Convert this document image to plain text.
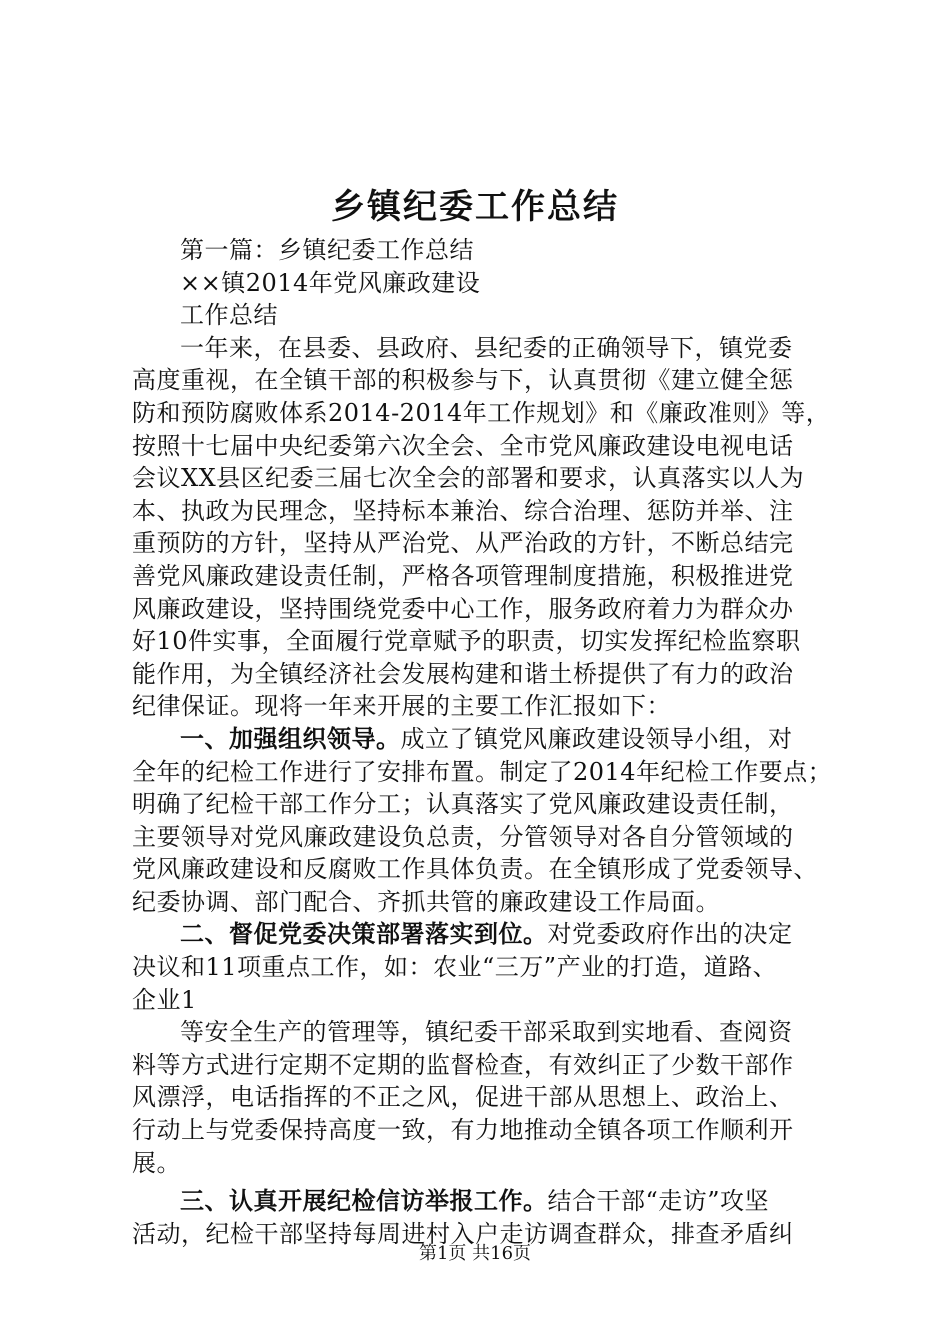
乡镇纪委工作总结
第一篇：乡镇纪委工作总结
××镇2014年党风廉政建设
工作总结
一年来，在县委、县政府、县纪委的正确领导下，镇党委
高度重视，在全镇干部的积极参与下，认真贯彻《建立健全惩
防和预防腐败体系2014-2014年工作规划》和《廉政准则》等，
按照十七届中央纪委第六次全会、全市党风廉政建设电视电话
会议XX县区纪委三届七次全会的部署和要求，认真落实以人为
本、执政为民理念，坚持标本兼治、综合治理、惩防并举、注
重预防的方针，坚持从严治党、从严治政的方针，不断总结完
善党风廉政建设责任制，严格各项管理制度措施，积极推进党
风廉政建设，坚持围绕党委中心工作，服务政府着力为群众办
好10件实事，全面履行党章赋予的职责，切实发挥纪检监察职
能作用，为全镇经济社会发展构建和谐土桥提供了有力的政治
纪律保证。现将一年来开展的主要工作汇报如下：
一、加强组织领导。成立了镇党风廉政建设领导小组，对
全年的纪检工作进行了安排布置。制定了2014年纪检工作要点；
明确了纪检干部工作分工；认真落实了党风廉政建设责任制，
主要领导对党风廉政建设负总责，分管领导对各自分管领域的
党风廉政建设和反腐败工作具体负责。在全镇形成了党委领导、
纪委协调、部门配合、齐抓共管的廉政建设工作局面。
二、督促党委决策部署落实到位。对党委政府作出的决定
决议和11项重点工作，如：农业“三万”产业的打造，道路、
企业1
等安全生产的管理等，镇纪委干部采取到实地看、查阅资
料等方式进行定期不定期的监督检查，有效纠正了少数干部作
风漂浮，电话指挥的不正之风，促进干部从思想上、政治上、
行动上与党委保持高度一致，有力地推动全镇各项工作顺利开
展。
三、认真开展纪检信访举报工作。结合干部“走访”攻坚
活动，纪检干部坚持每周进村入户走访调查群众，排查矛盾纠
第1页 共16页
